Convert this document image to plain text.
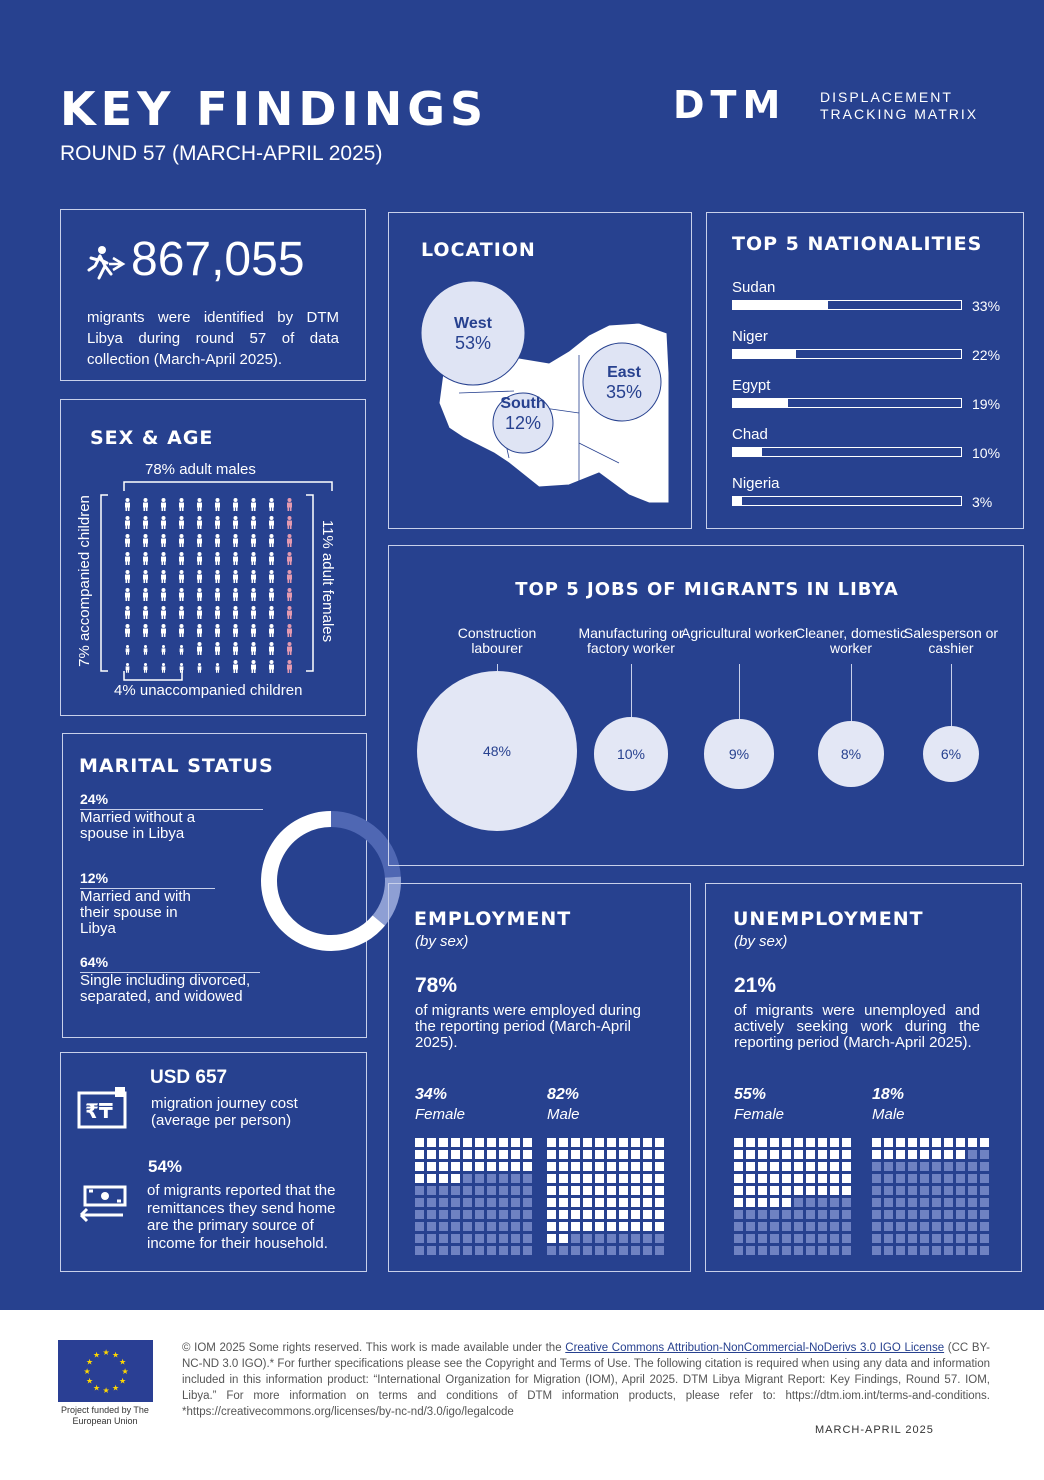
KEY FINDINGS
ROUND 57 (MARCH-APRIL 2025)
DTM DISPLACEMENT
TRACKING MATRIX
867,055
migrants were identified by DTM Libya during round 57 of data collection (March-April 2025).
SEX & AGE
78% adult males
7% accompanied children	11% adult females
4% unaccompanied children
MARITAL STATUS
24%
Married without a spouse in Libya
12%
Married and with their spouse in Libya
64%
Single including divorced, separated, and widowed
₹₸
USD 657
migration journey cost (average per person)
54%
of migrants reported that the remittances they send home are the primary source of income for their household.
LOCATION
West
53%
East
35%
South
12%
TOP 5 NATIONALITIES
Sudan
33%
Niger
22%
Egypt
19%
Chad
10%
Nigeria
3%
TOP 5 JOBS OF MIGRANTS IN LIBYA
Construction labourer
48%
Manufacturing or factory worker
10%
Agricultural worker
9%
Cleaner, domestic worker
8%
Salesperson or cashier
6%
EMPLOYMENT
(by sex)
78%
of migrants were employed during the reporting period (March-April 2025).
34%
Female
82%
Male
UNEMPLOYMENT
(by sex)
21%
of migrants were unemployed and actively seeking work during the reporting period (March-April 2025).
55%
Female
18%
Male
★
★
★
★
★
★
★
★
★ ★ ★
★
Project funded by The European Union
© IOM 2025 Some rights reserved. This work is made available under the Creative Commons Attribution-NonCommercial-NoDerivs 3.0 IGO License (CC BY-NC-ND 3.0 IGO).* For further specifications please see the Copyright and Terms of Use. The following citation is required when using any data and information included in this information product: “International Organization for Migration (IOM), April 2025. DTM Libya Migrant Report: Key Findings, Round 57. IOM, Libya.” For more information on terms and conditions of DTM information products, please refer to: https://dtm.iom.int/terms-and-conditions. *https://creativecommons.org/licenses/by-nc-nd/3.0/igo/legalcode
MARCH-APRIL 2025
